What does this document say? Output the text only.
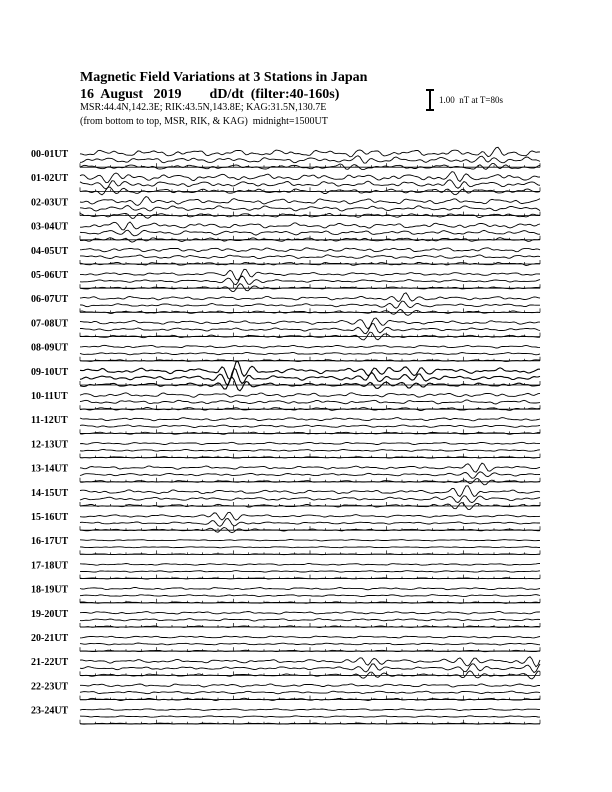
Magnetic Field Variations at 3 Stations in Japan
16  August   2019 dD/dt  (filter:40-160s)
MSR:44.4N,142.3E; RIK:43.5N,143.8E; KAG:31.5N,130.7E
(from bottom to top, MSR, RIK, & KAG)  midnight=1500UT
1.00  nT at T=80s
00-01UT
01-02UT
02-03UT
03-04UT
04-05UT
05-06UT
06-07UT
07-08UT
08-09UT
09-10UT
10-11UT
11-12UT
12-13UT
13-14UT
14-15UT
15-16UT
16-17UT
17-18UT
18-19UT
19-20UT
20-21UT
21-22UT
22-23UT
23-24UT
